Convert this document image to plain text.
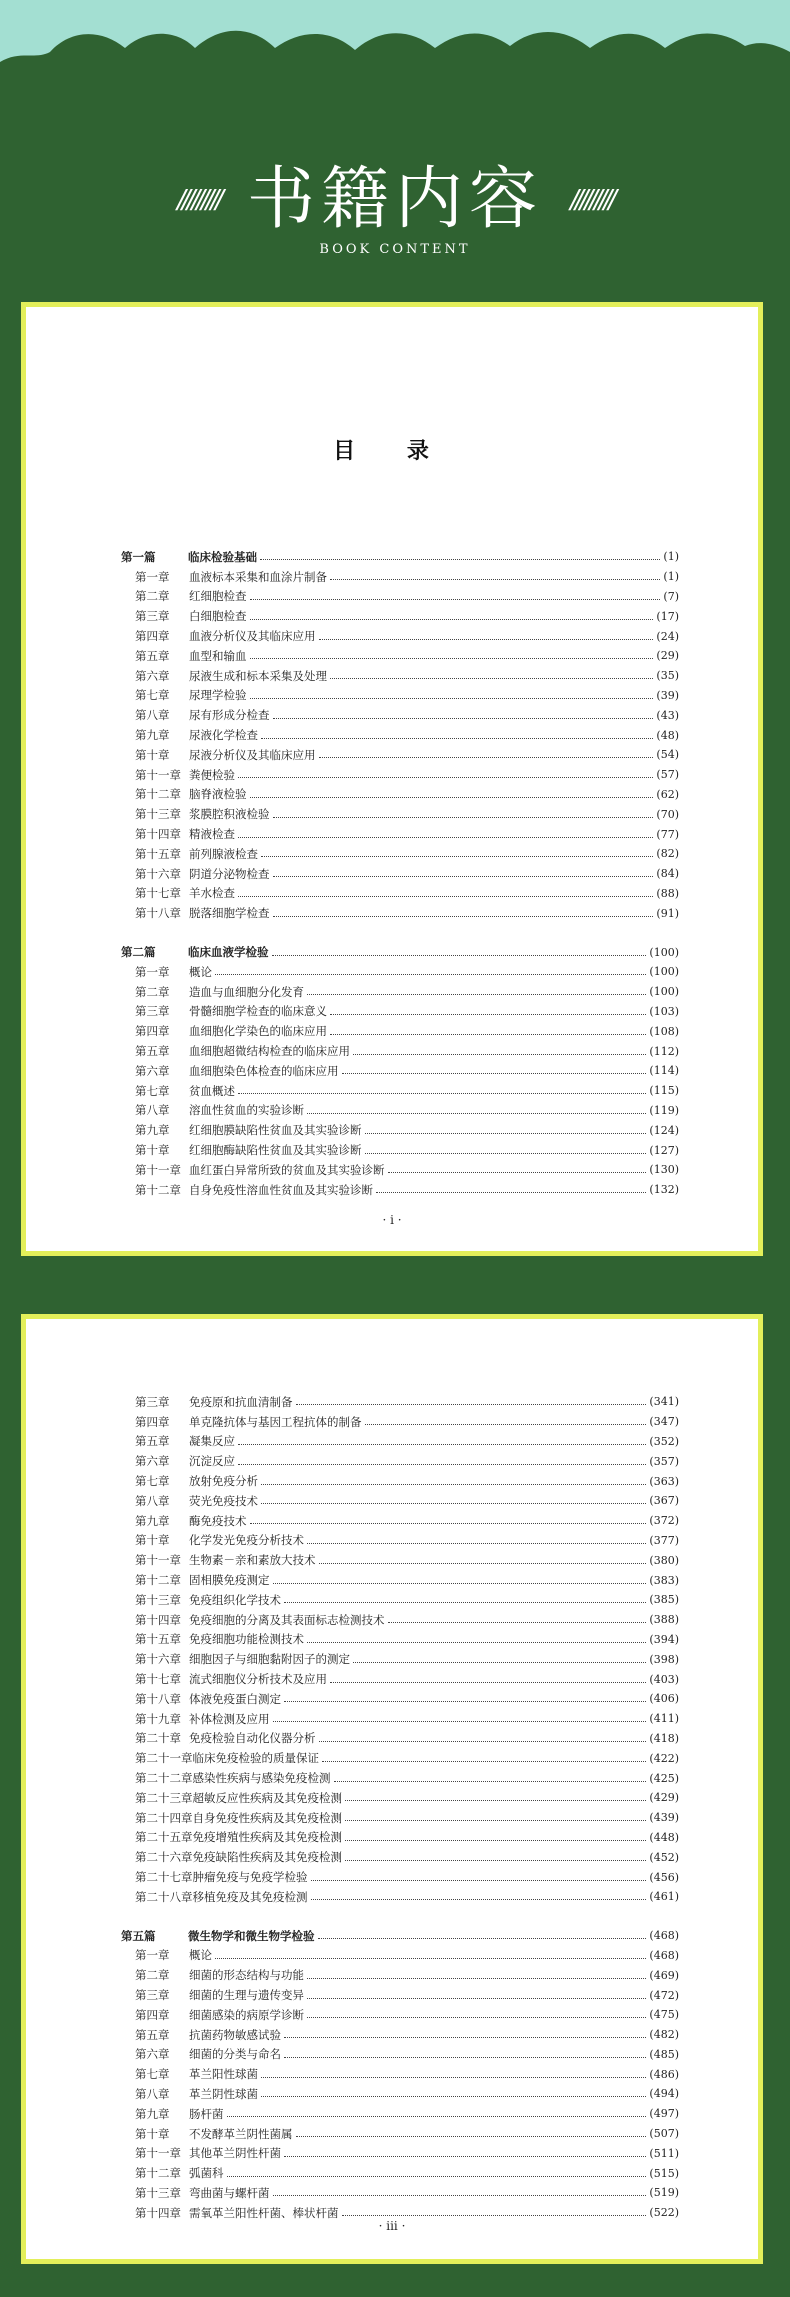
///////// 书籍内容 /////////
BOOK CONTENT
目 录
第一篇	临床检验基础	(1)
第一章 血液标本采集和血涂片制备	(1)
第二章 红细胞检查	(7)
第三章 白细胞检查	(17)
第四章 血液分析仪及其临床应用	(24)
第五章 血型和输血	(29)
第六章 尿液生成和标本采集及处理	(35)
第七章 尿理学检验	(39)
第八章 尿有形成分检查	(43)
第九章 尿液化学检查	(48)
第十章 尿液分析仪及其临床应用	(54)
第十一章 粪便检验	(57)
第十二章 脑脊液检验	(62)
第十三章 浆膜腔积液检验	(70)
第十四章 精液检查	(77)
第十五章 前列腺液检查	(82)
第十六章 阴道分泌物检查	(84)
第十七章 羊水检查	(88)
第十八章 脱落细胞学检查	(91)
第二篇	临床血液学检验	(100)
第一章 概论	(100)
第二章 造血与血细胞分化发育	(100)
第三章 骨髓细胞学检查的临床意义	(103)
第四章 血细胞化学染色的临床应用	(108)
第五章 血细胞超微结构检查的临床应用	(112)
第六章 血细胞染色体检查的临床应用	(114)
第七章 贫血概述	(115)
第八章 溶血性贫血的实验诊断	(119)
第九章 红细胞膜缺陷性贫血及其实验诊断	(124)
第十章 红细胞酶缺陷性贫血及其实验诊断	(127)
第十一章 血红蛋白异常所致的贫血及其实验诊断	(130)
第十二章 自身免疫性溶血性贫血及其实验诊断	(132)
· i ·
第三章 免疫原和抗血清制备	(341)
第四章 单克隆抗体与基因工程抗体的制备	(347)
第五章 凝集反应	(352)
第六章 沉淀反应	(357)
第七章 放射免疫分析	(363)
第八章 荧光免疫技术	(367)
第九章 酶免疫技术	(372)
第十章 化学发光免疫分析技术	(377)
第十一章 生物素－亲和素放大技术	(380)
第十二章 固相膜免疫测定	(383)
第十三章 免疫组织化学技术	(385)
第十四章 免疫细胞的分离及其表面标志检测技术	(388)
第十五章 免疫细胞功能检测技术	(394)
第十六章 细胞因子与细胞黏附因子的测定	(398)
第十七章 流式细胞仪分析技术及应用	(403)
第十八章 体液免疫蛋白测定	(406)
第十九章 补体检测及应用	(411)
第二十章 免疫检验自动化仪器分析	(418)
第二十一章临床免疫检验的质量保证	(422)
第二十二章感染性疾病与感染免疫检测	(425)
第二十三章超敏反应性疾病及其免疫检测	(429)
第二十四章自身免疫性疾病及其免疫检测	(439)
第二十五章免疫增殖性疾病及其免疫检测	(448)
第二十六章免疫缺陷性疾病及其免疫检测	(452)
第二十七章肿瘤免疫与免疫学检验	(456)
第二十八章移植免疫及其免疫检测	(461)
第五篇	微生物学和微生物学检验	(468)
第一章 概论	(468)
第二章 细菌的形态结构与功能	(469)
第三章 细菌的生理与遗传变异	(472)
第四章 细菌感染的病原学诊断	(475)
第五章 抗菌药物敏感试验	(482)
第六章 细菌的分类与命名	(485)
第七章 革兰阳性球菌	(486)
第八章 革兰阴性球菌	(494)
第九章 肠杆菌	(497)
第十章 不发酵革兰阴性菌属	(507)
第十一章 其他革兰阴性杆菌	(511)
第十二章 弧菌科	(515)
第十三章 弯曲菌与螺杆菌	(519)
第十四章 需氧革兰阳性杆菌、棒状杆菌	(522)
· iii ·
